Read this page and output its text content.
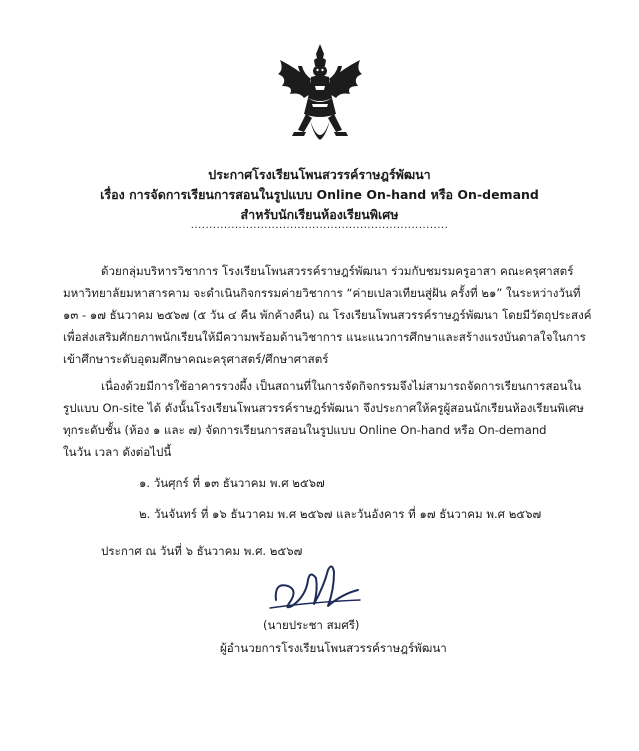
ประกาศโรงเรียนโพนสวรรค์ราษฎร์พัฒนา
เรื่อง การจัดการเรียนการสอนในรูปแบบ Online On-hand หรือ On-demand
สำหรับนักเรียนห้องเรียนพิเศษ
......................................................................
ด้วยกลุ่มบริหารวิชาการ โรงเรียนโพนสวรรค์ราษฎร์พัฒนา ร่วมกับชมรมครูอาสา คณะครุศาสตร์
มหาวิทยาลัยมหาสารคาม จะดำเนินกิจกรรมค่ายวิชาการ “ค่ายเปลวเทียนสู่ฝัน ครั้งที่ ๒๑” ในระหว่างวันที่
๑๓ - ๑๗ ธันวาคม ๒๕๖๗ (๕ วัน ๔ คืน พักค้างคืน) ณ โรงเรียนโพนสวรรค์ราษฎร์พัฒนา โดยมีวัตถุประสงค์
เพื่อส่งเสริมศักยภาพนักเรียนให้มีความพร้อมด้านวิชาการ แนะแนวการศึกษาและสร้างแรงบันดาลใจในการ
เข้าศึกษาระดับอุดมศึกษาคณะครุศาสตร์/ศึกษาศาสตร์
เนื่องด้วยมีการใช้อาคารรวงผึ้ง เป็นสถานที่ในการจัดกิจกรรมจึงไม่สามารถจัดการเรียนการสอนใน
รูปแบบ On-site ได้ ดังนั้นโรงเรียนโพนสวรรค์ราษฎร์พัฒนา จึงประกาศให้ครูผู้สอนนักเรียนห้องเรียนพิเศษ
ทุกระดับชั้น (ห้อง ๑ และ ๗) จัดการเรียนการสอนในรูปแบบ Online On-hand หรือ On-demand
ในวัน เวลา ดังต่อไปนี้
๑. วันศุกร์ ที่ ๑๓ ธันวาคม พ.ศ ๒๕๖๗
๒. วันจันทร์ ที่ ๑๖ ธันวาคม พ.ศ ๒๕๖๗ และวันอังคาร ที่ ๑๗ ธันวาคม พ.ศ ๒๕๖๗
ประกาศ ณ วันที่ ๖ ธันวาคม พ.ศ. ๒๕๖๗
(นายประชา สมศรี)
ผู้อำนวยการโรงเรียนโพนสวรรค์ราษฎร์พัฒนา
